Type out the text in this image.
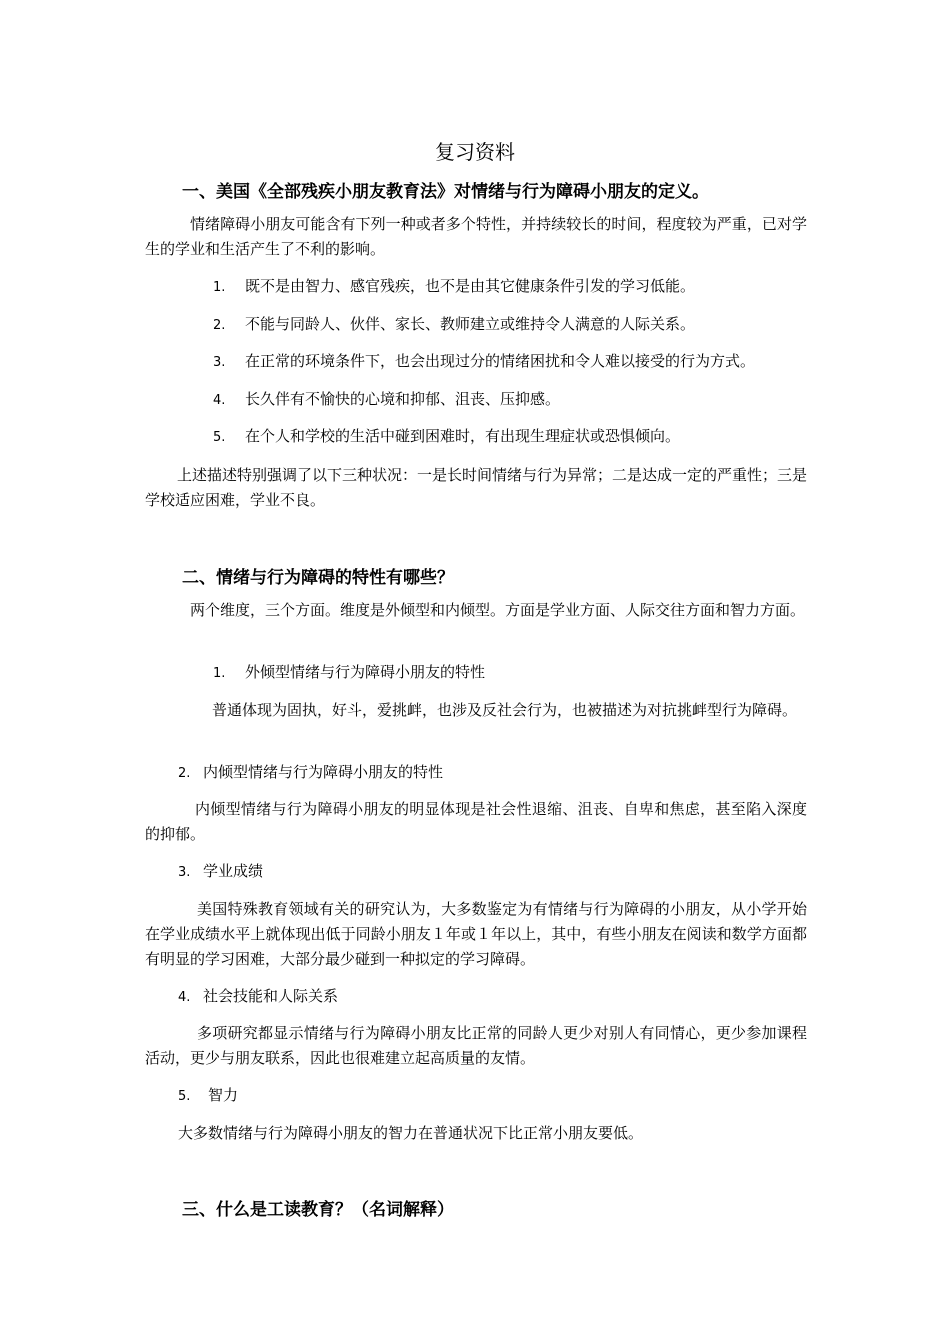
复习资料
一、美国《全部残疾小朋友教育法》对情绪与行为障碍小朋友的定义。

情绪障碍小朋友可能含有下列一种或者多个特性，并持续较长的时间，程度较为严重，已对学生的学业和生活产生了不利的影响。

1. 既不是由智力、感官残疾，也不是由其它健康条件引发的学习低能。
2. 不能与同龄人、伙伴、家长、教师建立或维持令人满意的人际关系。
3. 在正常的环境条件下，也会出现过分的情绪困扰和令人难以接受的行为方式。
4. 长久伴有不愉快的心境和抑郁、沮丧、压抑感。
5. 在个人和学校的生活中碰到困难时，有出现生理症状或恐惧倾向。

上述描述特别强调了以下三种状况：一是长时间情绪与行为异常；二是达成一定的严重性；三是学校适应困难，学业不良。

二、情绪与行为障碍的特性有哪些？

两个维度，三个方面。维度是外倾型和内倾型。方面是学业方面、人际交往方面和智力方面。

1. 外倾型情绪与行为障碍小朋友的特性

普通体现为固执，好斗，爱挑衅，也涉及反社会行为，也被描述为对抗挑衅型行为障碍。

2. 内倾型情绪与行为障碍小朋友的特性

内倾型情绪与行为障碍小朋友的明显体现是社会性退缩、沮丧、自卑和焦虑，甚至陷入深度的抑郁。

3. 学业成绩

美国特殊教育领域有关的研究认为，大多数鉴定为有情绪与行为障碍的小朋友，从小学开始在学业成绩水平上就体现出低于同龄小朋友１年或１年以上，其中，有些小朋友在阅读和数学方面都有明显的学习困难，大部分最少碰到一种拟定的学习障碍。

4. 社会技能和人际关系

多项研究都显示情绪与行为障碍小朋友比正常的同龄人更少对别人有同情心，更少参加课程活动，更少与朋友联系，因此也很难建立起高质量的友情。

5. 智力

大多数情绪与行为障碍小朋友的智力在普通状况下比正常小朋友要低。

三、什么是工读教育？（名词解释）
